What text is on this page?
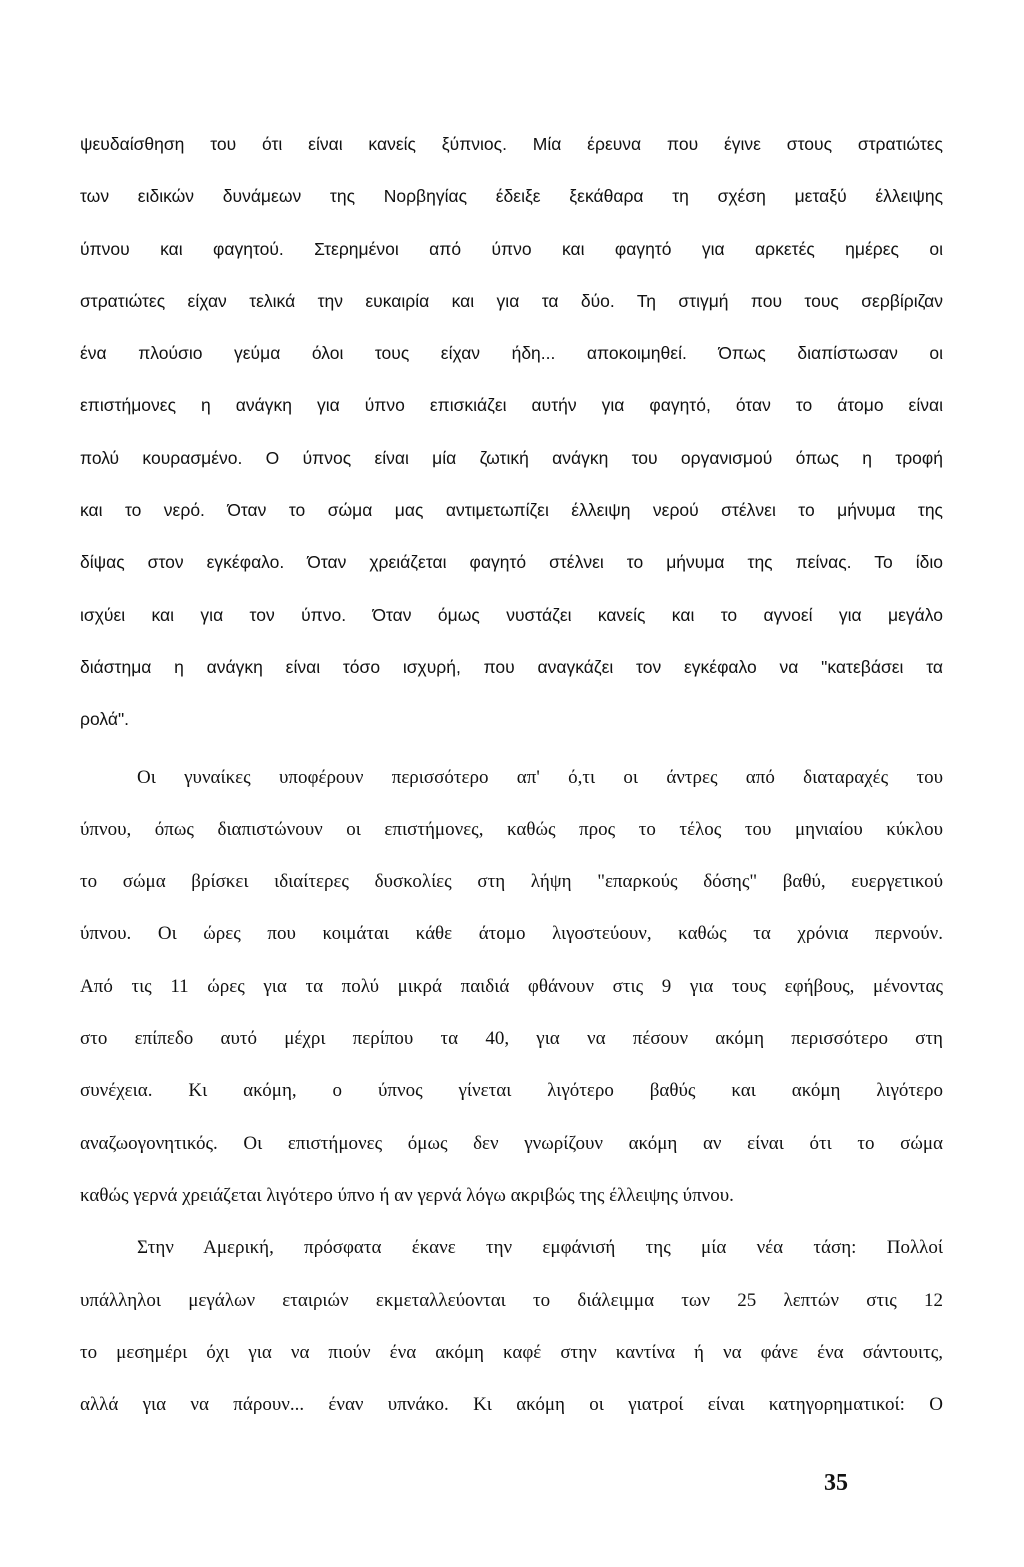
ψευδαίσθηση του ότι είναι κανείς ξύπνιος. Μία έρευνα που έγινε στους στρατιώτες
των ειδικών δυνάμεων της Νορβηγίας έδειξε ξεκάθαρα τη σχέση μεταξύ έλλειψης
ύπνου και φαγητού. Στερημένοι από ύπνο και φαγητό για αρκετές ημέρες οι
στρατιώτες είχαν τελικά την ευκαιρία και για τα δύο. Τη στιγμή που τους σερβίριζαν
ένα πλούσιο γεύμα όλοι τους είχαν ήδη... αποκοιμηθεί. Όπως διαπίστωσαν οι
επιστήμονες η ανάγκη για ύπνο επισκιάζει αυτήν για φαγητό, όταν το άτομο είναι
πολύ κουρασμένο. Ο ύπνος είναι μία ζωτική ανάγκη του οργανισμού όπως η τροφή
και το νερό. Όταν το σώμα μας αντιμετωπίζει έλλειψη νερού στέλνει το μήνυμα της
δίψας στον εγκέφαλο. Όταν χρειάζεται φαγητό στέλνει το μήνυμα της πείνας. Το ίδιο
ισχύει και για τον ύπνο. Όταν όμως νυστάζει κανείς και το αγνοεί για μεγάλο
διάστημα η ανάγκη είναι τόσο ισχυρή, που αναγκάζει τον εγκέφαλο να "κατεβάσει τα
ρολά".
Οι γυναίκες υποφέρουν περισσότερο απ' ό,τι οι άντρες από διαταραχές του
ύπνου, όπως διαπιστώνουν οι επιστήμονες, καθώς προς το τέλος του μηνιαίου κύκλου
το σώμα βρίσκει ιδιαίτερες δυσκολίες στη λήψη "επαρκούς δόσης" βαθύ, ευεργετικού
ύπνου. Οι ώρες που κοιμάται κάθε άτομο λιγοστεύουν, καθώς τα χρόνια περνούν.
Από τις 11 ώρες για τα πολύ μικρά παιδιά φθάνουν στις 9 για τους εφήβους, μένοντας
στο επίπεδο αυτό μέχρι περίπου τα 40, για να πέσουν ακόμη περισσότερο στη
συνέχεια. Κι ακόμη, ο ύπνος γίνεται λιγότερο βαθύς και ακόμη λιγότερο
αναζωογονητικός. Οι επιστήμονες όμως δεν γνωρίζουν ακόμη αν είναι ότι το σώμα
καθώς γερνά χρειάζεται λιγότερο ύπνο ή αν γερνά λόγω ακριβώς της έλλειψης ύπνου.
Στην Αμερική, πρόσφατα έκανε την εμφάνισή της μία νέα τάση: Πολλοί
υπάλληλοι μεγάλων εταιριών εκμεταλλεύονται το διάλειμμα των 25 λεπτών στις 12
το μεσημέρι όχι για να πιούν ένα ακόμη καφέ στην καντίνα ή να φάνε ένα σάντουιτς,
αλλά για να πάρουν... έναν υπνάκο. Κι ακόμη οι γιατροί είναι κατηγορηματικοί: Ο
35
